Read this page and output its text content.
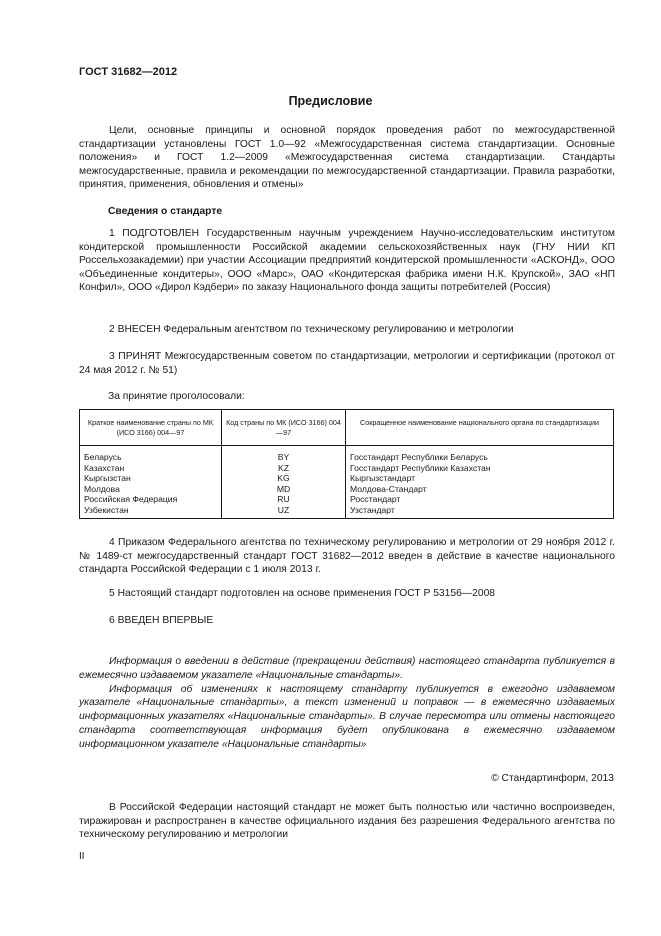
ГОСТ 31682—2012
Предисловие

Цели, основные принципы и основной порядок проведения работ по межгосударственной стандартизации установлены ГОСТ 1.0—92 «Межгосударственная система стандартизации. Основные положения» и ГОСТ 1.2—2009 «Межгосударственная система стандартизации. Стандарты межгосударственные, правила и рекомендации по межгосударственной стандартизации. Правила разработки, принятия, применения, обновления и отмены»

Сведения о стандарте

1 ПОДГОТОВЛЕН Государственным научным учреждением Научно-исследовательским институтом кондитерской промышленности Российской академии сельскохозяйственных наук (ГНУ НИИ КП Россельхозакадемии) при участии Ассоциации предприятий кондитерской промышленности «АСКОНД», ООО «Объединенные кондитеры», ООО «Марс», ОАО «Кондитерская фабрика имени Н.К. Крупской», ЗАО «НП Конфил», ООО «Дирол Кэдбери» по заказу Национального фонда защиты потребителей (Россия)

2 ВНЕСЕН Федеральным агентством по техническому регулированию и метрологии

3 ПРИНЯТ Межгосударственным советом по стандартизации, метрологии и сертификации (протокол от 24 мая 2012 г. № 51)

За принятие проголосовали:
Краткое наименование страны по МК (ИСО 3166) 004—97	Код страны по МК (ИСО 3166) 004—97	Сокращенное наименование национального органа по стандартизации
Беларусь	BY	Госстандарт Республики Беларусь
Казахстан	KZ	Госстандарт Республики Казахстан
Кыргызстан	KG	Кыргызстандарт
Молдова	MD	Молдова-Стандарт
Российская Федерация	RU	Росстандарт
Узбекистан	UZ	Узстандарт

4 Приказом Федерального агентства по техническому регулированию и метрологии от 29 ноября 2012 г. № 1489-ст межгосударственный стандарт ГОСТ 31682—2012 введен в действие в качестве национального стандарта Российской Федерации с 1 июля 2013 г.

5 Настоящий стандарт подготовлен на основе применения ГОСТ Р 53156—2008

6 ВВЕДЕН ВПЕРВЫЕ

Информация о введении в действие (прекращении действия) настоящего стандарта публикуется в ежемесячно издаваемом указателе «Национальные стандарты».

Информация об изменениях к настоящему стандарту публикуется в ежегодно издаваемом указателе «Национальные стандарты», а текст изменений и поправок — в ежемесячно издаваемых информационных указателях «Национальные стандарты». В случае пересмотра или отмены настоящего стандарта соответствующая информация будет опубликована в ежемесячно издаваемом информационном указателе «Национальные стандарты»

© Стандартинформ, 2013

В Российской Федерации настоящий стандарт не может быть полностью или частично воспроизведен, тиражирован и распространен в качестве официального издания без разрешения Федерального агентства по техническому регулированию и метрологии

II
